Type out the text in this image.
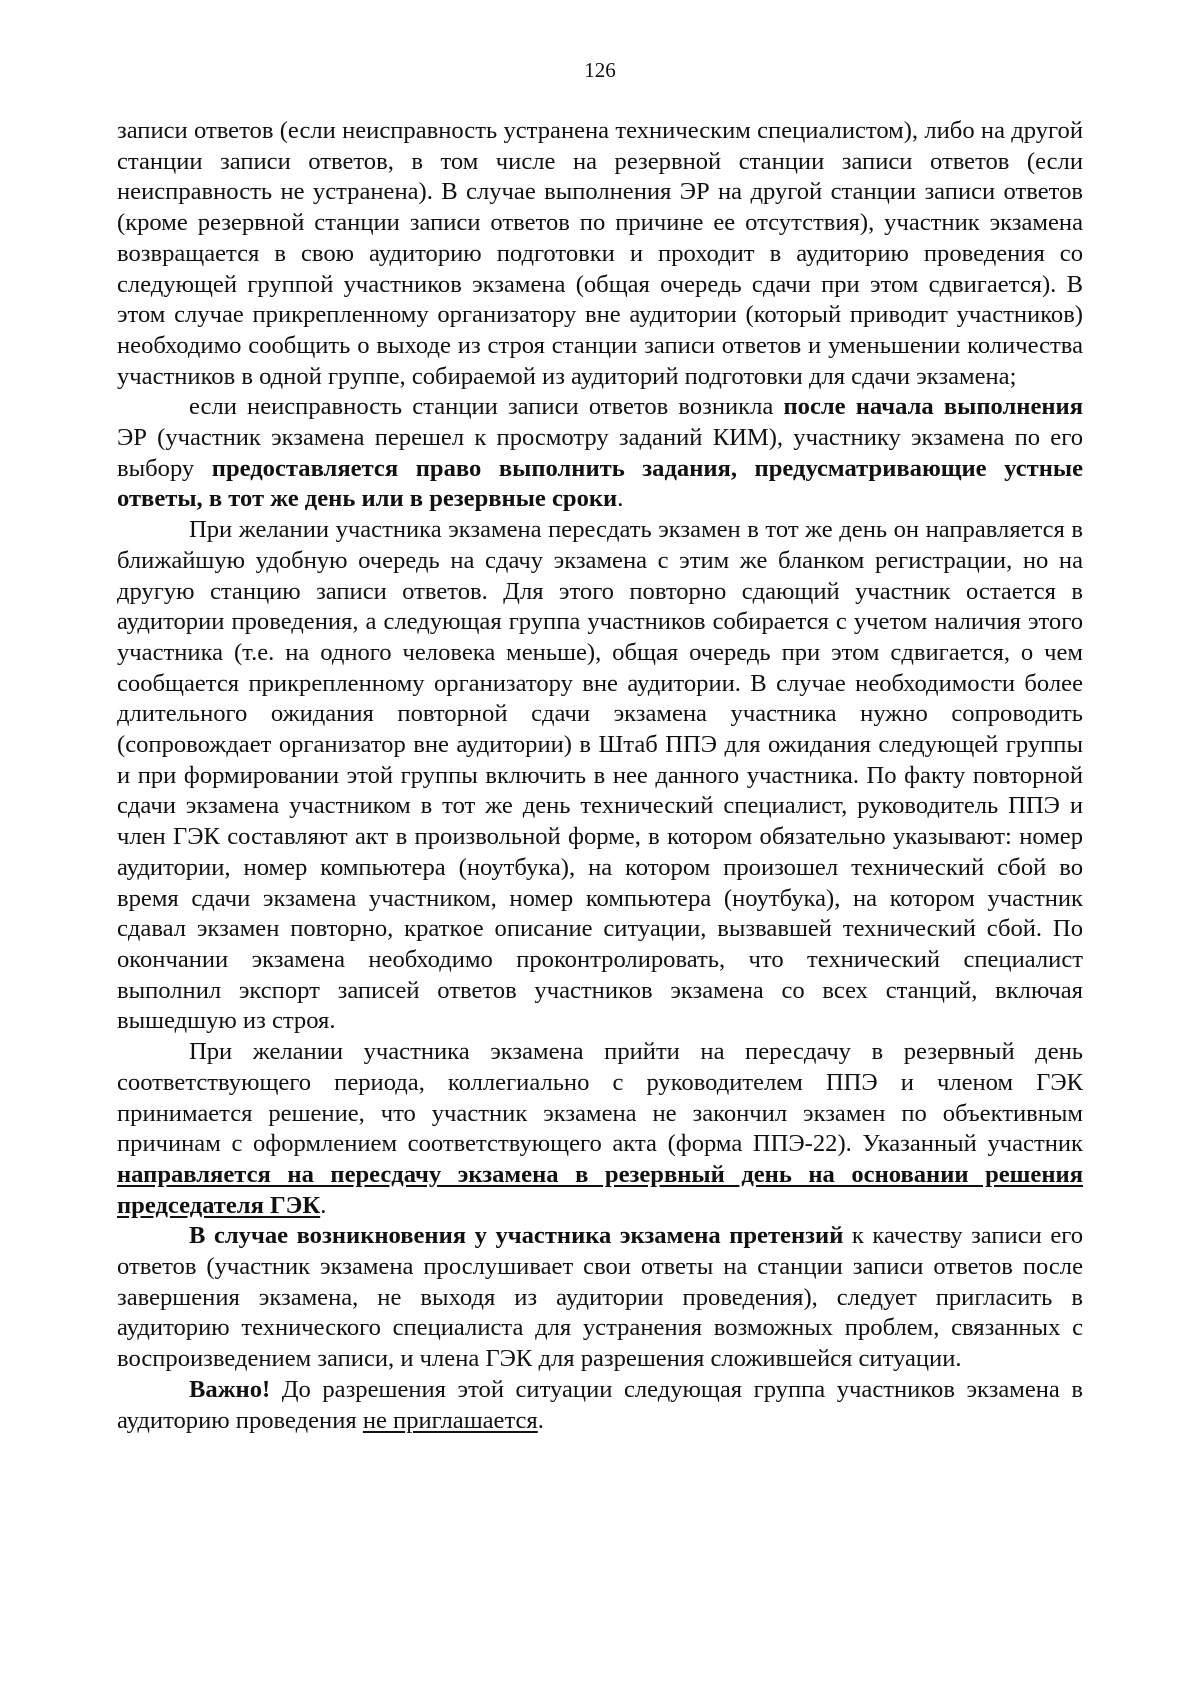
126

записи ответов (если неисправность устранена техническим специалистом), либо на другой станции записи ответов, в том числе на резервной станции записи ответов (если неисправность не устранена). В случае выполнения ЭР на другой станции записи ответов (кроме резервной станции записи ответов по причине ее отсутствия), участник экзамена возвращается в свою аудиторию подготовки и проходит в аудиторию проведения со следующей группой участников экзамена (общая очередь сдачи при этом сдвигается). В этом случае прикрепленному организатору вне аудитории (который приводит участников) необходимо сообщить о выходе из строя станции записи ответов и уменьшении количества участников в одной группе, собираемой из аудиторий подготовки для сдачи экзамена;

если неисправность станции записи ответов возникла после начала выполнения ЭР (участник экзамена перешел к просмотру заданий КИМ), участнику экзамена по его выбору предоставляется право выполнить задания, предусматривающие устные ответы, в тот же день или в резервные сроки.

При желании участника экзамена пересдать экзамен в тот же день он направляется в ближайшую удобную очередь на сдачу экзамена с этим же бланком регистрации, но на другую станцию записи ответов. Для этого повторно сдающий участник остается в аудитории проведения, а следующая группа участников собирается с учетом наличия этого участника (т.е. на одного человека меньше), общая очередь при этом сдвигается, о чем сообщается прикрепленному организатору вне аудитории. В случае необходимости более длительного ожидания повторной сдачи экзамена участника нужно сопроводить (сопровождает организатор вне аудитории) в Штаб ППЭ для ожидания следующей группы и при формировании этой группы включить в нее данного участника. По факту повторной сдачи экзамена участником в тот же день технический специалист, руководитель ППЭ и член ГЭК составляют акт в произвольной форме, в котором обязательно указывают: номер аудитории, номер компьютера (ноутбука), на котором произошел технический сбой во время сдачи экзамена участником, номер компьютера (ноутбука), на котором участник сдавал экзамен повторно, краткое описание ситуации, вызвавшей технический сбой. По окончании экзамена необходимо проконтролировать, что технический специалист выполнил экспорт записей ответов участников экзамена со всех станций, включая вышедшую из строя.

При желании участника экзамена прийти на пересдачу в резервный день соответствующего периода, коллегиально с руководителем ППЭ и членом ГЭК принимается решение, что участник экзамена не закончил экзамен по объективным причинам с оформлением соответствующего акта (форма ППЭ-22). Указанный участник направляется на пересдачу экзамена в резервный день на основании решения председателя ГЭК.

В случае возникновения у участника экзамена претензий к качеству записи его ответов (участник экзамена прослушивает свои ответы на станции записи ответов после завершения экзамена, не выходя из аудитории проведения), следует пригласить в аудиторию технического специалиста для устранения возможных проблем, связанных с воспроизведением записи, и члена ГЭК для разрешения сложившейся ситуации.

Важно! До разрешения этой ситуации следующая группа участников экзамена в аудиторию проведения не приглашается.
